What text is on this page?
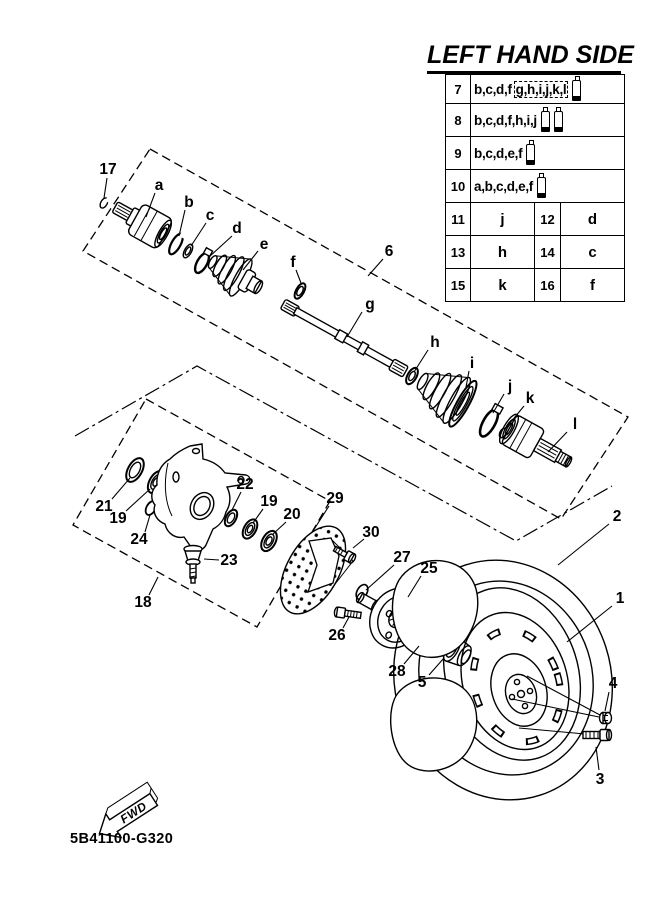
FWD
17
6
2
1
4
3
21
19
24
18
23
22
19
20
29
30
27
25
26
28
5
a
b
c
d
e
f
g
h
i
j
k
l
LEFT HAND SIDE
7 b,c,d,f g,h,i,j,k,l
8 b,c,d,f,h,i,j
9 b,c,d,e,f
10 a,b,c,d,e,f
11	j	12	d
13	h	14	c
15	k	16	f
5B41100-G320
